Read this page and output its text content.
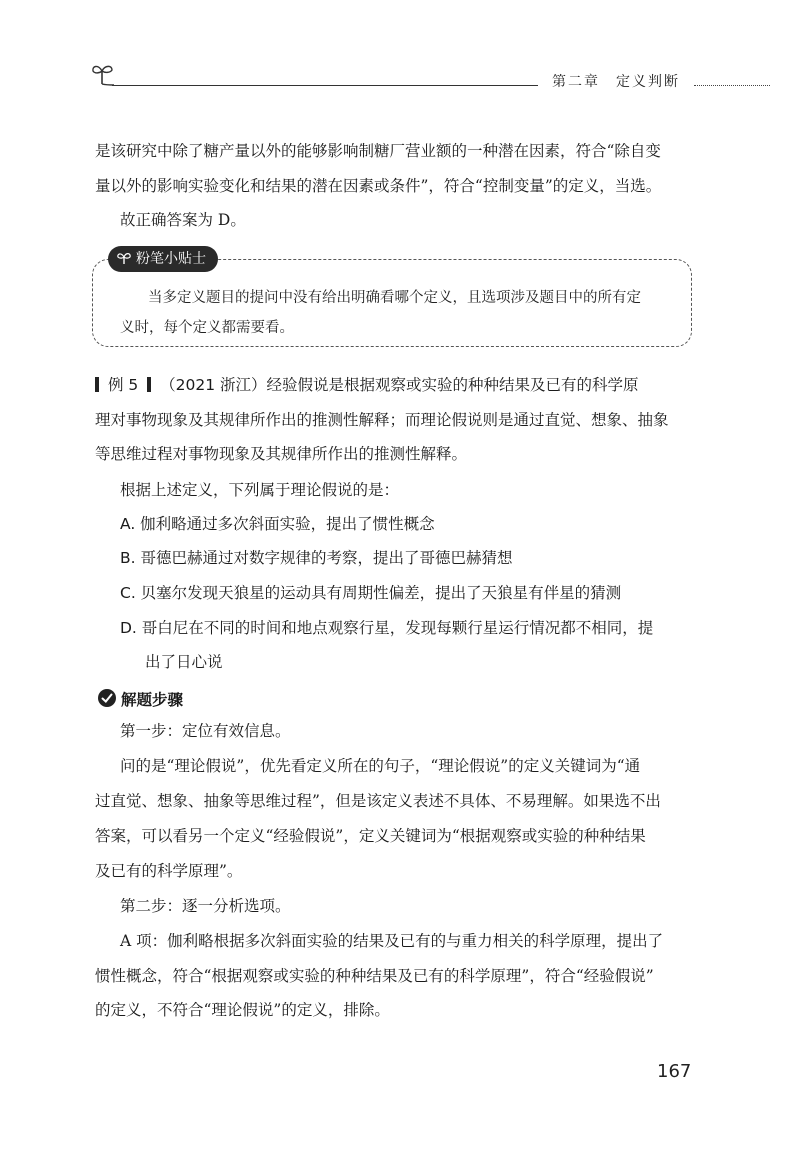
第二章　定义判断
是该研究中除了糖产量以外的能够影响制糖厂营业额的一种潜在因素，符合“除自变
量以外的影响实验变化和结果的潜在因素或条件”，符合“控制变量”的定义，当选。
故正确答案为 D。
粉笔小贴士
当多定义题目的提问中没有给出明确看哪个定义，且选项涉及题目中的所有定
义时，每个定义都需要看。
例 5 （2021 浙江）经验假说是根据观察或实验的种种结果及已有的科学原
理对事物现象及其规律所作出的推测性解释；而理论假说则是通过直觉、想象、抽象
等思维过程对事物现象及其规律所作出的推测性解释。
根据上述定义，下列属于理论假说的是：
A. 伽利略通过多次斜面实验，提出了惯性概念
B. 哥德巴赫通过对数字规律的考察，提出了哥德巴赫猜想
C. 贝塞尔发现天狼星的运动具有周期性偏差，提出了天狼星有伴星的猜测
D. 哥白尼在不同的时间和地点观察行星，发现每颗行星运行情况都不相同，提
出了日心说
解题步骤
第一步：定位有效信息。
问的是“理论假说”，优先看定义所在的句子，“理论假说”的定义关键词为“通
过直觉、想象、抽象等思维过程”，但是该定义表述不具体、不易理解。如果选不出
答案，可以看另一个定义“经验假说”，定义关键词为“根据观察或实验的种种结果
及已有的科学原理”。
第二步：逐一分析选项。
A 项：伽利略根据多次斜面实验的结果及已有的与重力相关的科学原理，提出了
惯性概念，符合“根据观察或实验的种种结果及已有的科学原理”，符合“经验假说”
的定义，不符合“理论假说”的定义，排除。
167
